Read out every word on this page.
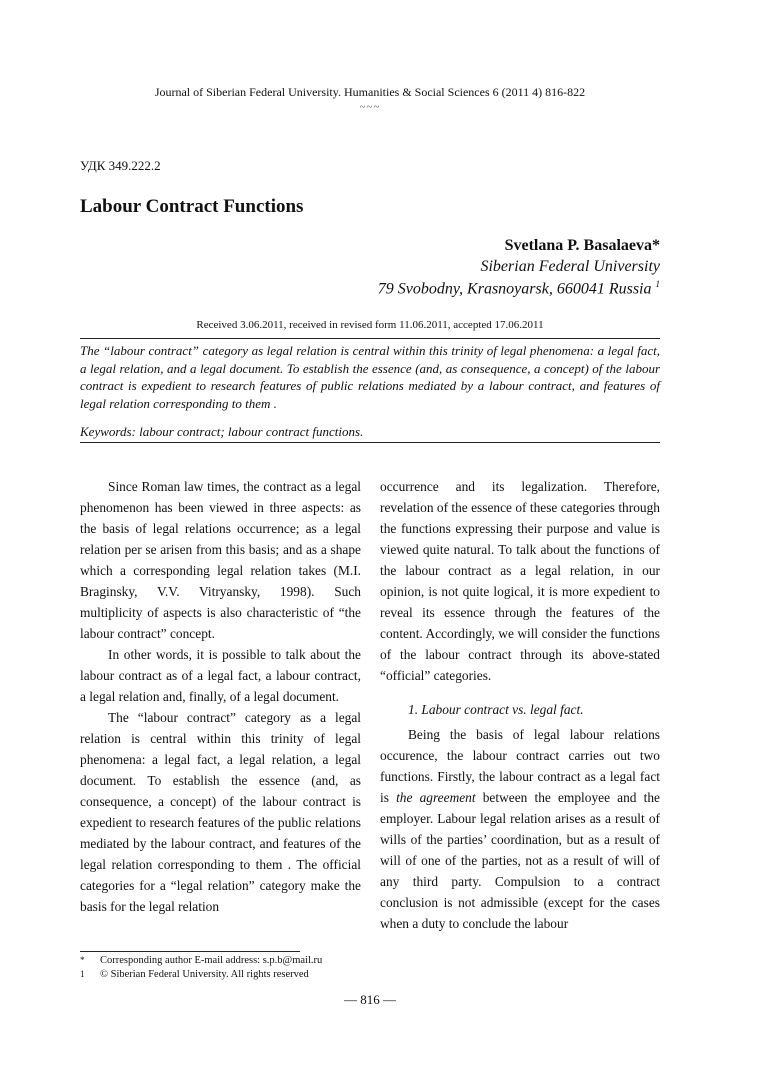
Journal of Siberian Federal University. Humanities & Social Sciences 6 (2011 4) 816-822
~~~
УДК 349.222.2
Labour Contract Functions
Svetlana P. Basalaeva*
Siberian Federal University
79 Svobodny, Krasnoyarsk, 660041 Russia $^1$
Received 3.06.2011, received in revised form 11.06.2011, accepted 17.06.2011

The “labour contract” category as legal relation is central within this trinity of legal phenomena: a legal fact, a legal relation, and a legal document. To establish the essence (and, as consequence, a concept) of the labour contract is expedient to research features of public relations mediated by a labour contract, and features of legal relation corresponding to them .

Keywords: labour contract; labour contract functions.

Since Roman law times, the contract as a legal phenomenon has been viewed in three aspects: as the basis of legal relations occurrence; as a legal relation per se arisen from this basis; and as a shape which a corresponding legal relation takes (M.I. Braginsky, V.V. Vitryansky, 1998). Such multiplicity of aspects is also characteristic of “the labour contract” concept.

In other words, it is possible to talk about the labour contract as of a legal fact, a labour contract, a legal relation and, finally, of a legal document.

The “labour contract” category as a legal relation is central within this trinity of legal phenomena: a legal fact, a legal relation, a legal document. To establish the essence (and, as consequence, a concept) of the labour contract is expedient to research features of the public relations mediated by the labour contract, and features of the legal relation corresponding to them . The official categories for a “legal relation” category make the basis for the legal relation

occurrence and its legalization. Therefore, revelation of the essence of these categories through the functions expressing their purpose and value is viewed quite natural. To talk about the functions of the labour contract as a legal relation, in our opinion, is not quite logical, it is more expedient to reveal its essence through the features of the content. Accordingly, we will consider the functions of the labour contract through its above-stated “official” categories.

1. Labour contract vs. legal fact.

Being the basis of legal labour relations occurence, the labour contract carries out two functions. Firstly, the labour contract as a legal fact is the agreement between the employee and the employer. Labour legal relation arises as a result of wills of the parties’ coordination, but as a result of will of one of the parties, not as a result of will of any third party. Compulsion to a contract conclusion is not admissible (except for the cases when a duty to conclude the labour

* Corresponding author E-mail address: s.p.b@mail.ru
1 © Siberian Federal University. All rights reserved
— 816 —
